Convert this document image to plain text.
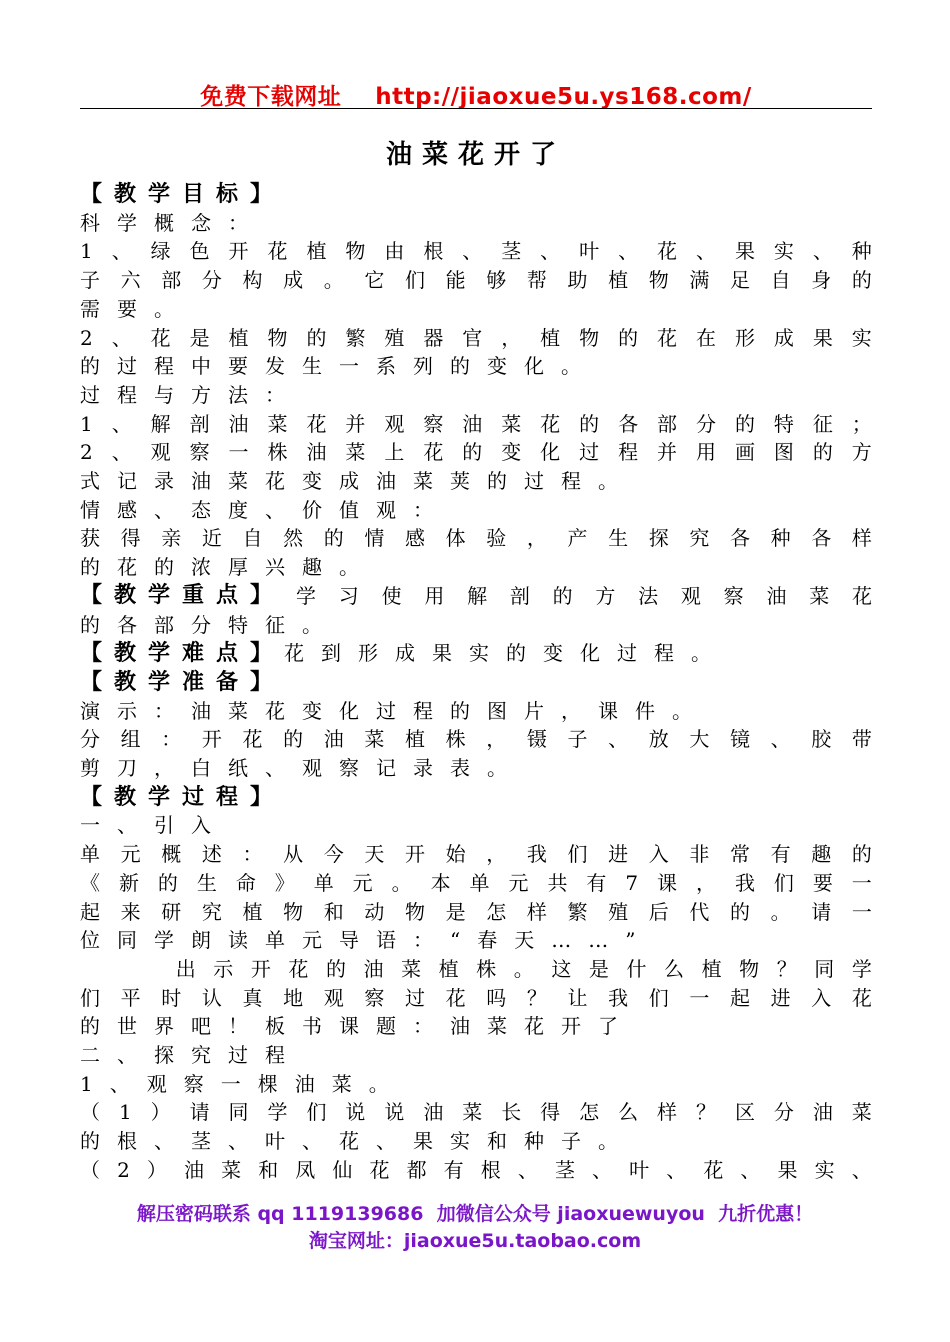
免费下载网址    http://jiaoxue5u.ys168.com/
油菜花开了
【教学目标】
科学概念：
1 、 绿 色 开 花 植 物 由 根 、 茎 、 叶 、 花 、 果 实 、 种
子 六 部 分 构 成 。 它 们 能 够 帮 助 植 物 满 足 自 身 的
需要。
2 、 花 是 植 物 的 繁 殖 器 官 ， 植 物 的 花 在 形 成 果 实
的过程中要发生一系列的变化。
过程与方法：
1 、 解 剖 油 菜 花 并 观 察 油 菜 花 的 各 部 分 的 特 征 ；
2 、 观 察 一 株 油 菜 上 花 的 变 化 过 程 并 用 画 图 的 方
式记录油菜花变成油菜荚的过程。
情感、态度、价值观：
获 得 亲 近 自 然 的 情 感 体 验 ， 产 生 探 究 各 种 各 样
的花的浓厚兴趣。
【教学重点】 学 习 使 用 解 剖 的 方 法 观 察 油 菜 花
的各部分特征。
【教学难点】花到形成果实的变化过程。
【教学准备】
演示：油菜花变化过程的图片，课件。
分 组 ： 开 花 的 油 菜 植 株 ， 镊 子 、 放 大 镜 、 胶 带
剪刀，白纸、观察记录表。
【教学过程】
一、引入
单 元 概 述 ： 从 今 天 开 始 ， 我 们 进 入 非 常 有 趣 的
《 新 的 生 命 》 单 元 。 本 单 元 共 有 7 课 ， 我 们 要 一
起 来 研 究 植 物 和 动 物 是 怎 样 繁 殖 后 代 的 。 请 一
位同学朗读单元导语：“春天……”

出 示 开 花 的 油 菜 植 株 。 这 是 什 么 植 物 ？ 同 学
们 平 时 认 真 地 观 察 过 花 吗 ？ 让 我 们 一 起 进 入 花
的世界吧！板书课题：油菜花开了
二、探究过程
1、观察一棵油菜。
（ 1 ） 请 同 学 们 说 说 油 菜 长 得 怎 么 样 ？ 区 分 油 菜
的根、茎、叶、花、果实和种子。
（ 2 ） 油 菜 和 凤 仙 花 都 有 根 、 茎 、 叶 、 花 、 果 实 、
解压密码联系 qq 1119139686  加微信公众号 jiaoxuewuyou  九折优惠！
淘宝网址：jiaoxue5u.taobao.com
